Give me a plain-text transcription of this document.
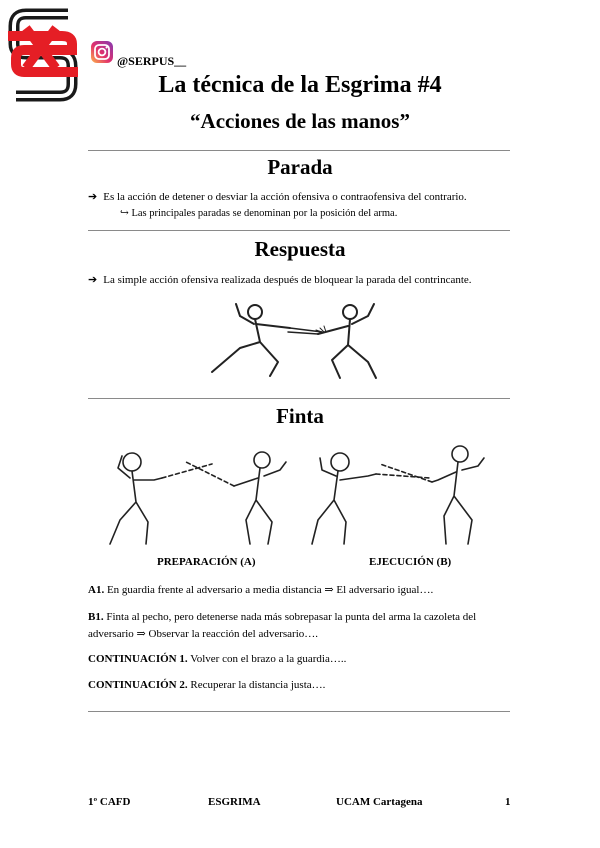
@SERPUS__
La técnica de la Esgrima #4
“Acciones de las manos”
Parada
➔ Es la acción de detener o desviar la acción ofensiva o contraofensiva del contrario.
↪ Las principales paradas se denominan por la posición del arma.
Respuesta
➔ La simple acción ofensiva realizada después de bloquear la parada del contrincante.
Finta
PREPARACIÓN (A)	EJECUCIÓN (B)
A1. En guardia frente al adversario a media distancia ⇒ El adversario igual….
B1. Finta al pecho, pero detenerse nada más sobrepasar la punta del arma la cazoleta del adversario ⇒ Observar la reacción del adversario….
CONTINUACIÓN 1. Volver con el brazo a la guardia…..
CONTINUACIÓN 2. Recuperar la distancia justa….
1º CAFD	ESGRIMA	UCAM Cartagena	1
